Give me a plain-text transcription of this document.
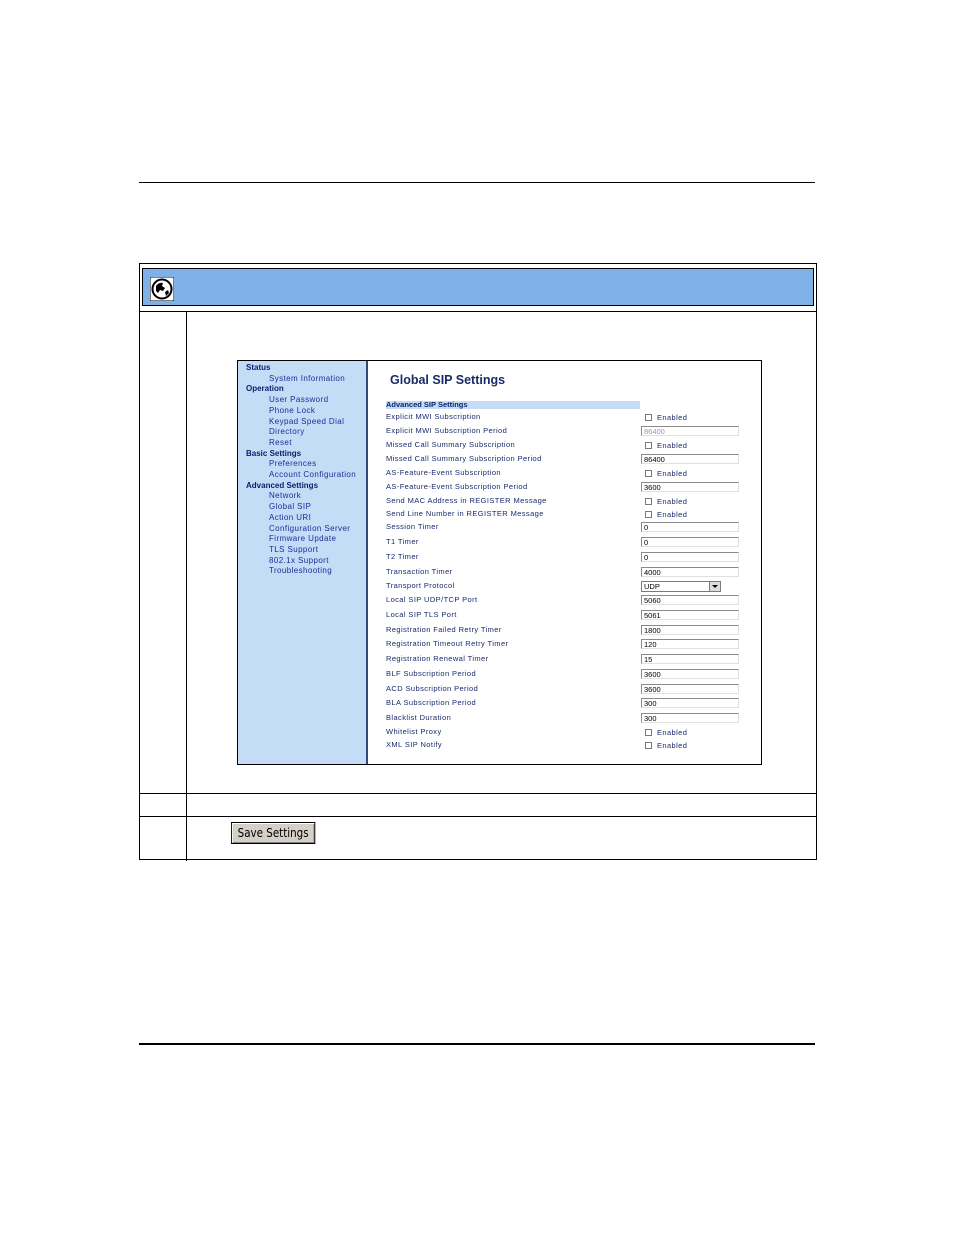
Status
System Information
Operation
User Password
Phone Lock
Keypad Speed Dial
Directory
Reset
Basic Settings
Preferences
Account Configuration
Advanced Settings
Network
Global SIP
Action URI
Configuration Server
Firmware Update
TLS Support
802.1x Support
Troubleshooting
Global SIP Settings
Advanced SIP Settings
Explicit MWI Subscription	Enabled
Explicit MWI Subscription Period	86400
Missed Call Summary Subscription	Enabled
Missed Call Summary Subscription Period	86400
AS-Feature-Event Subscription	Enabled
AS-Feature-Event Subscription Period	3600
Send MAC Address in REGISTER Message	Enabled
Send Line Number in REGISTER Message	Enabled
Session Timer	0
T1 Timer	0
T2 Timer	0
Transaction Timer	4000
Transport Protocol	UDP
Local SIP UDP/TCP Port	5060
Local SIP TLS Port	5061
Registration Failed Retry Timer	1800
Registration Timeout Retry Timer	120
Registration Renewal Timer	15
BLF Subscription Period	3600
ACD Subscription Period	3600
BLA Subscription Period	300
Blacklist Duration	300
Whitelist Proxy	Enabled
XML SIP Notify	Enabled
Save Settings
